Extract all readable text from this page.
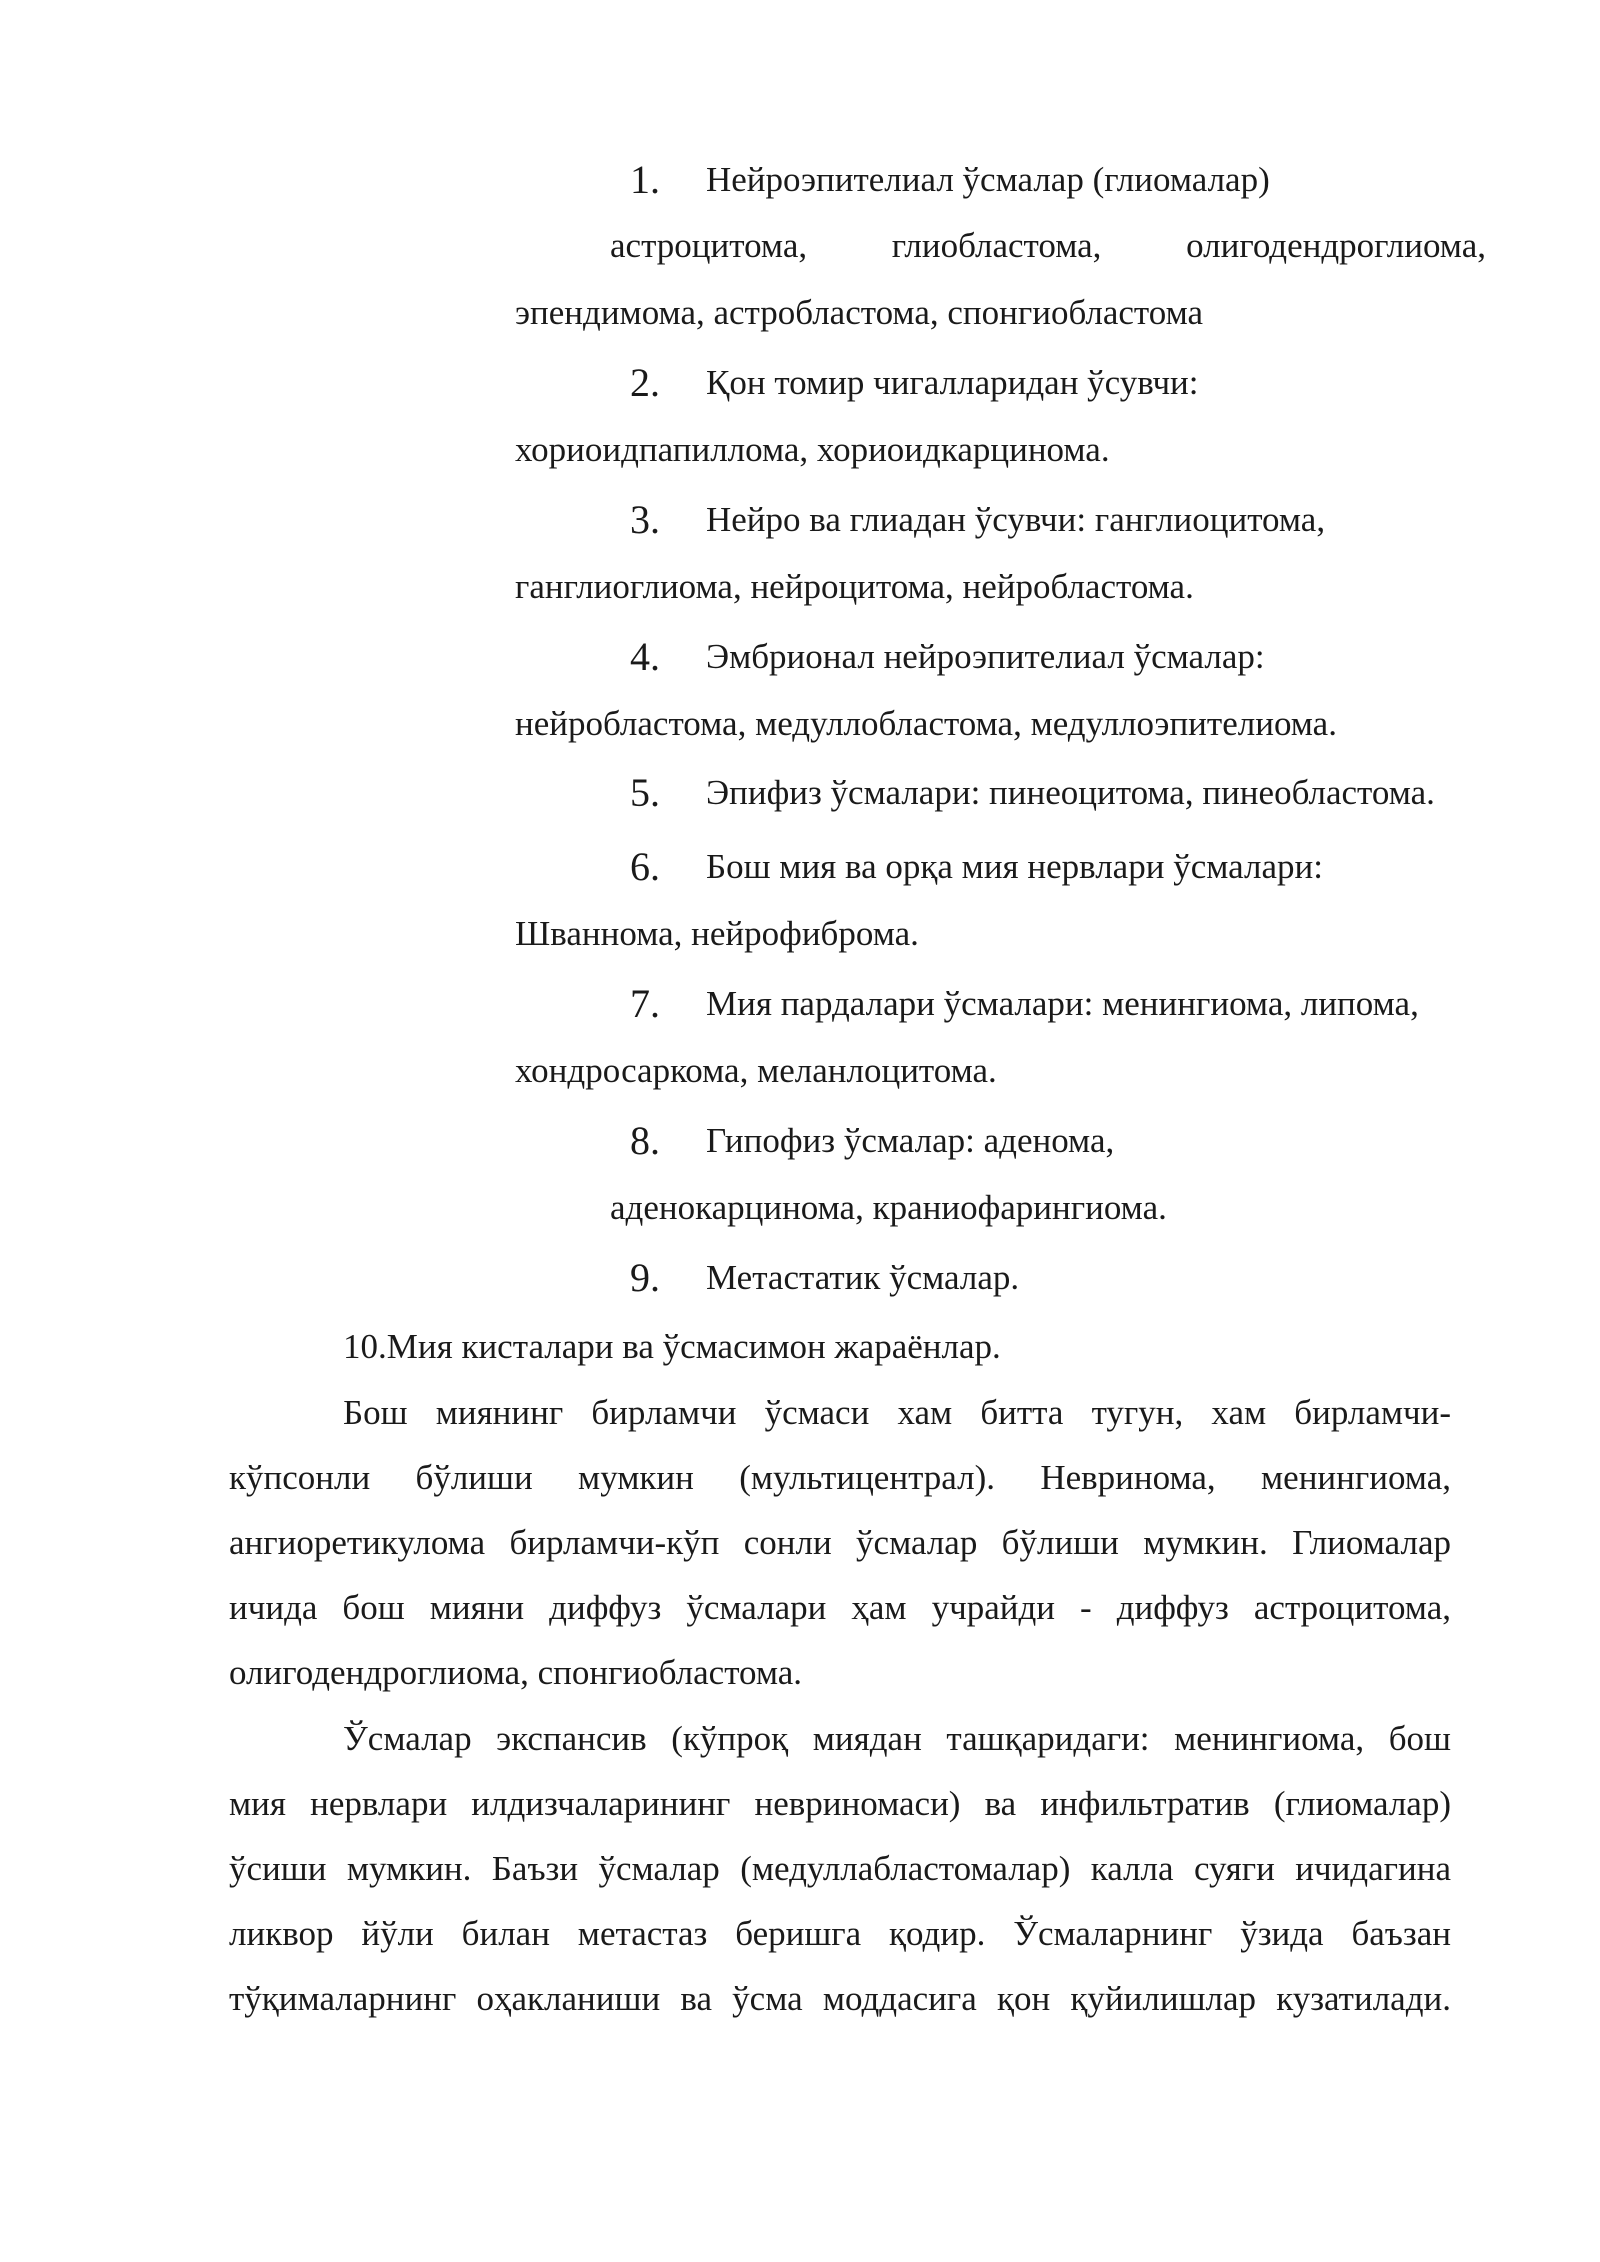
1. Нейроэпителиал ўсмалар (глиомалар)
астроцитома, глиобластома, олигодендроглиома,
эпендимома, астробластома, спонгиобластома
2. Қон томир чигалларидан ўсувчи:
хориоидпапиллома, хориоидкарцинома.
3. Нейро ва глиадан ўсувчи: ганглиоцитома,
ганглиоглиома, нейроцитома, нейробластома.
4. Эмбрионал нейроэпителиал ўсмалар:
нейробластома, медуллобластома, медуллоэпителиома.
5. Эпифиз ўсмалари: пинеоцитома, пинеобластома.
6. Бош мия ва орқа мия нервлари ўсмалари:
Шваннома, нейрофиброма.
7. Мия пардалари ўсмалари: менингиома, липома,
хондросаркома, меланлоцитома.
8. Гипофиз ўсмалар: аденома,
аденокарцинома, краниофарингиома.
9. Метастатик ўсмалар.
10.Мия кисталари ва ўсмасимон жараёнлар.
Бош миянинг бирламчи ўсмаси хам битта тугун, хам бирламчи-
кўпсонли бўлиши мумкин (мультицентрал). Невринома, менингиома,
ангиоретикулома бирламчи-кўп сонли ўсмалар бўлиши мумкин. Глиомалар
ичида бош мияни диффуз ўсмалари ҳам учрайди - диффуз астроцитома,
олигодендроглиома, спонгиобластома.
Ўсмалар экспансив (кўпроқ миядан ташқаридаги: менингиома, бош
мия нервлари илдизчаларининг невриномаси) ва инфильтратив (глиомалар)
ўсиши мумкин. Баъзи ўсмалар (медуллабластомалар) калла суяги ичидагина
ликвор йўли билан метастаз беришга қодир. Ўсмаларнинг ўзида баъзан
тўқималарнинг оҳакланиши ва ўсма моддасига қон қуйилишлар кузатилади.
